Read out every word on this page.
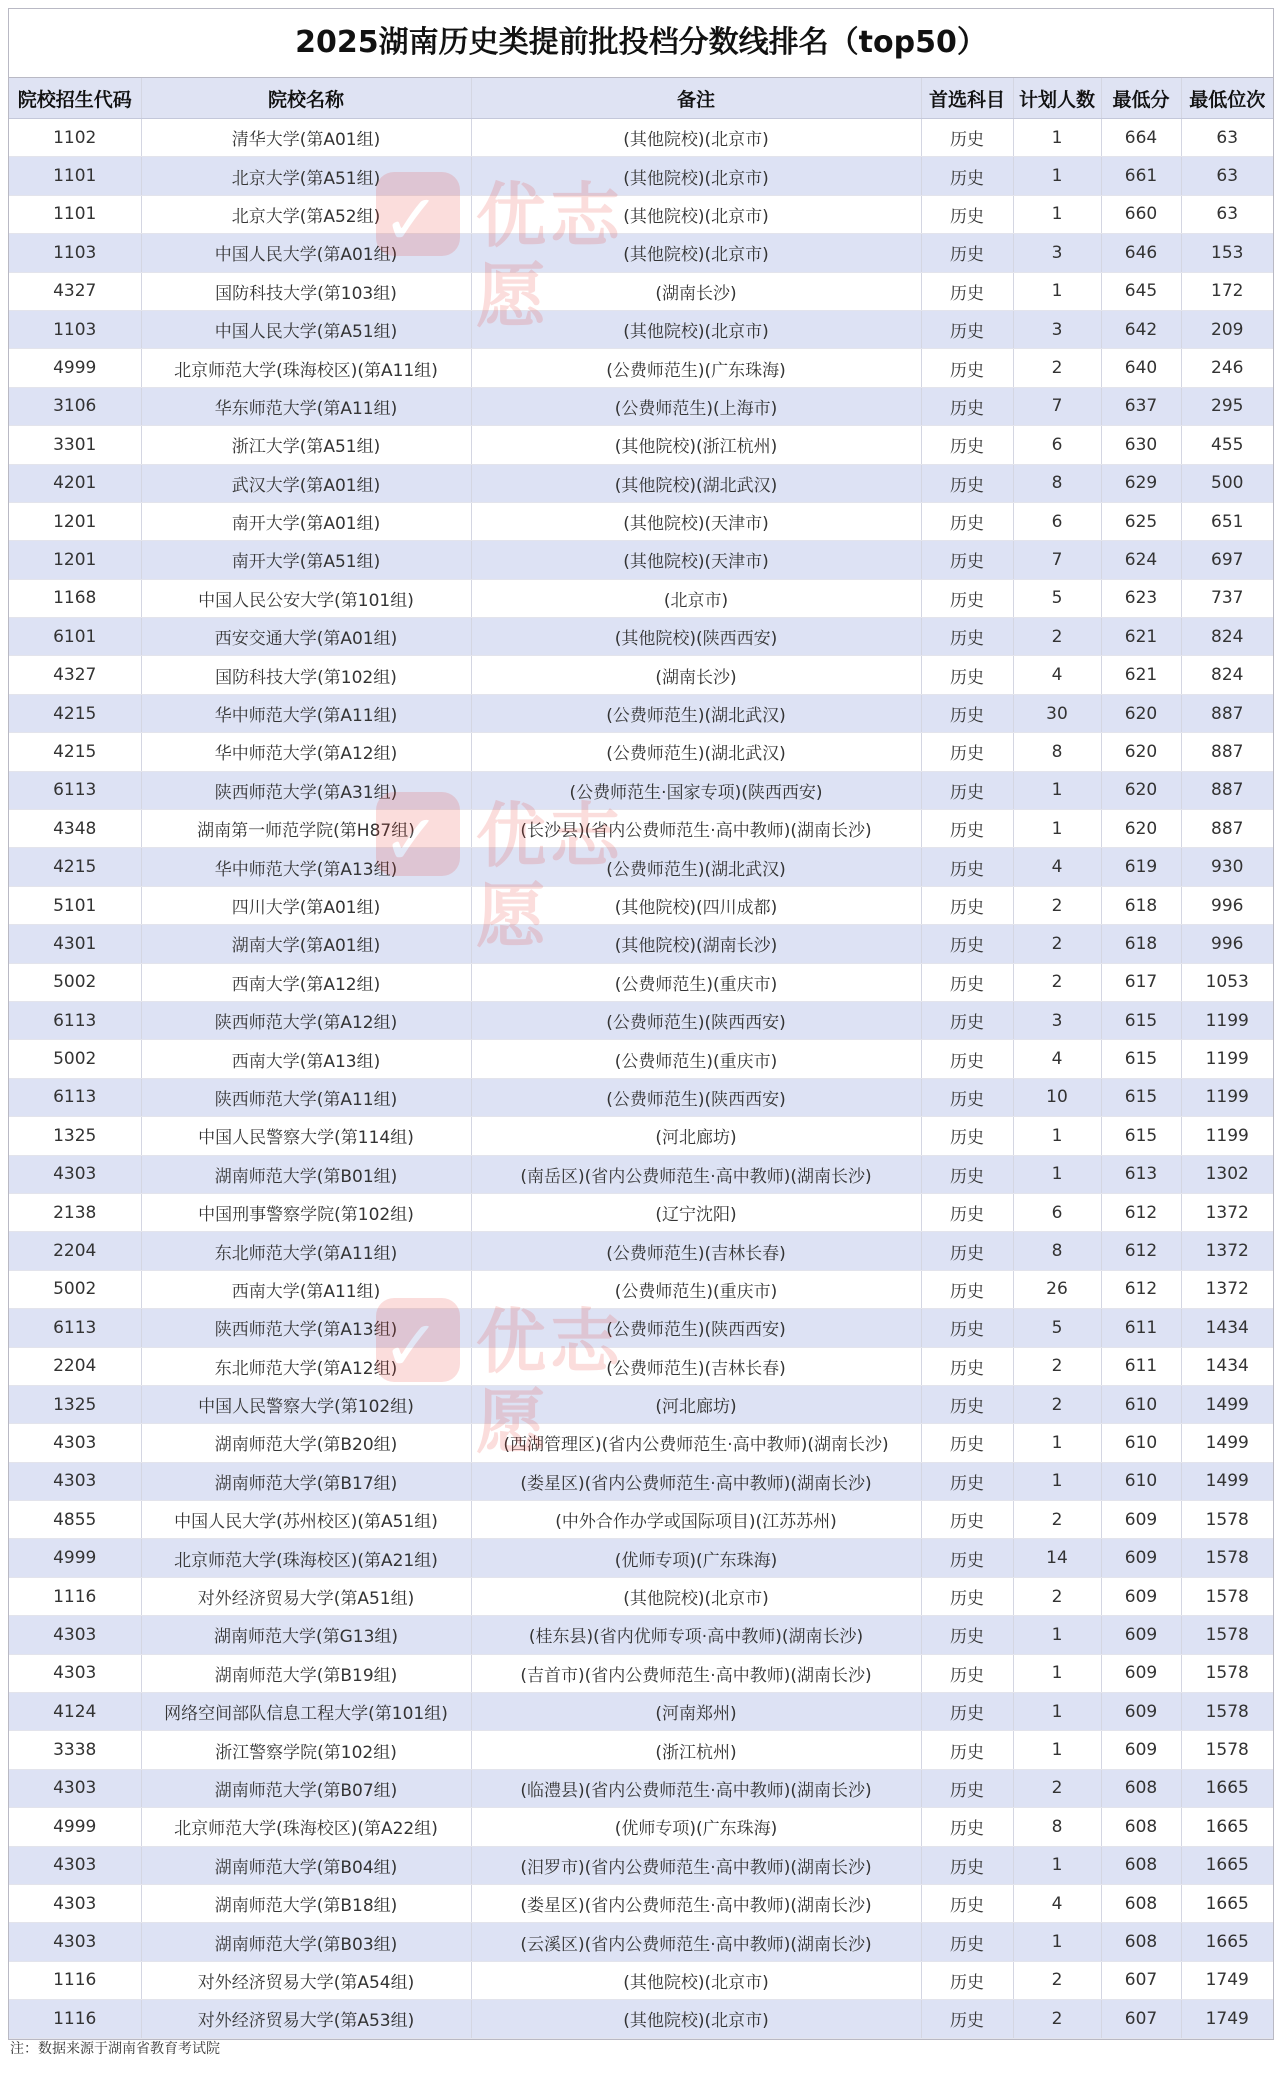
2025湖南历史类提前批投档分数线排名（top50）
院校招生代码	院校名称	备注	首选科目	计划人数	最低分	最低位次
1102	清华大学(第A01组)	(其他院校)(北京市)	历史	1	664	63
1101	北京大学(第A51组)	(其他院校)(北京市)	历史	1	661	63
1101	北京大学(第A52组)	(其他院校)(北京市)	历史	1	660	63
1103	中国人民大学(第A01组)	(其他院校)(北京市)	历史	3	646	153
4327	国防科技大学(第103组)	(湖南长沙)	历史	1	645	172
1103	中国人民大学(第A51组)	(其他院校)(北京市)	历史	3	642	209
4999	北京师范大学(珠海校区)(第A11组)	(公费师范生)(广东珠海)	历史	2	640	246
3106	华东师范大学(第A11组)	(公费师范生)(上海市)	历史	7	637	295
3301	浙江大学(第A51组)	(其他院校)(浙江杭州)	历史	6	630	455
4201	武汉大学(第A01组)	(其他院校)(湖北武汉)	历史	8	629	500
1201	南开大学(第A01组)	(其他院校)(天津市)	历史	6	625	651
1201	南开大学(第A51组)	(其他院校)(天津市)	历史	7	624	697
1168	中国人民公安大学(第101组)	(北京市)	历史	5	623	737
6101	西安交通大学(第A01组)	(其他院校)(陕西西安)	历史	2	621	824
4327	国防科技大学(第102组)	(湖南长沙)	历史	4	621	824
4215	华中师范大学(第A11组)	(公费师范生)(湖北武汉)	历史	30	620	887
4215	华中师范大学(第A12组)	(公费师范生)(湖北武汉)	历史	8	620	887
6113	陕西师范大学(第A31组)	(公费师范生·国家专项)(陕西西安)	历史	1	620	887
4348	湖南第一师范学院(第H87组)	(长沙县)(省内公费师范生·高中教师)(湖南长沙)	历史	1	620	887
4215	华中师范大学(第A13组)	(公费师范生)(湖北武汉)	历史	4	619	930
5101	四川大学(第A01组)	(其他院校)(四川成都)	历史	2	618	996
4301	湖南大学(第A01组)	(其他院校)(湖南长沙)	历史	2	618	996
5002	西南大学(第A12组)	(公费师范生)(重庆市)	历史	2	617	1053
6113	陕西师范大学(第A12组)	(公费师范生)(陕西西安)	历史	3	615	1199
5002	西南大学(第A13组)	(公费师范生)(重庆市)	历史	4	615	1199
6113	陕西师范大学(第A11组)	(公费师范生)(陕西西安)	历史	10	615	1199
1325	中国人民警察大学(第114组)	(河北廊坊)	历史	1	615	1199
4303	湖南师范大学(第B01组)	(南岳区)(省内公费师范生·高中教师)(湖南长沙)	历史	1	613	1302
2138	中国刑事警察学院(第102组)	(辽宁沈阳)	历史	6	612	1372
2204	东北师范大学(第A11组)	(公费师范生)(吉林长春)	历史	8	612	1372
5002	西南大学(第A11组)	(公费师范生)(重庆市)	历史	26	612	1372
6113	陕西师范大学(第A13组)	(公费师范生)(陕西西安)	历史	5	611	1434
2204	东北师范大学(第A12组)	(公费师范生)(吉林长春)	历史	2	611	1434
1325	中国人民警察大学(第102组)	(河北廊坊)	历史	2	610	1499
4303	湖南师范大学(第B20组)	(西湖管理区)(省内公费师范生·高中教师)(湖南长沙)	历史	1	610	1499
4303	湖南师范大学(第B17组)	(娄星区)(省内公费师范生·高中教师)(湖南长沙)	历史	1	610	1499
4855	中国人民大学(苏州校区)(第A51组)	(中外合作办学或国际项目)(江苏苏州)	历史	2	609	1578
4999	北京师范大学(珠海校区)(第A21组)	(优师专项)(广东珠海)	历史	14	609	1578
1116	对外经济贸易大学(第A51组)	(其他院校)(北京市)	历史	2	609	1578
4303	湖南师范大学(第G13组)	(桂东县)(省内优师专项·高中教师)(湖南长沙)	历史	1	609	1578
4303	湖南师范大学(第B19组)	(吉首市)(省内公费师范生·高中教师)(湖南长沙)	历史	1	609	1578
4124	网络空间部队信息工程大学(第101组)	(河南郑州)	历史	1	609	1578
3338	浙江警察学院(第102组)	(浙江杭州)	历史	1	609	1578
4303	湖南师范大学(第B07组)	(临澧县)(省内公费师范生·高中教师)(湖南长沙)	历史	2	608	1665
4999	北京师范大学(珠海校区)(第A22组)	(优师专项)(广东珠海)	历史	8	608	1665
4303	湖南师范大学(第B04组)	(汨罗市)(省内公费师范生·高中教师)(湖南长沙)	历史	1	608	1665
4303	湖南师范大学(第B18组)	(娄星区)(省内公费师范生·高中教师)(湖南长沙)	历史	4	608	1665
4303	湖南师范大学(第B03组)	(云溪区)(省内公费师范生·高中教师)(湖南长沙)	历史	1	608	1665
1116	对外经济贸易大学(第A54组)	(其他院校)(北京市)	历史	2	607	1749
1116	对外经济贸易大学(第A53组)	(其他院校)(北京市)	历史	2	607	1749
注：数据来源于湖南省教育考试院
